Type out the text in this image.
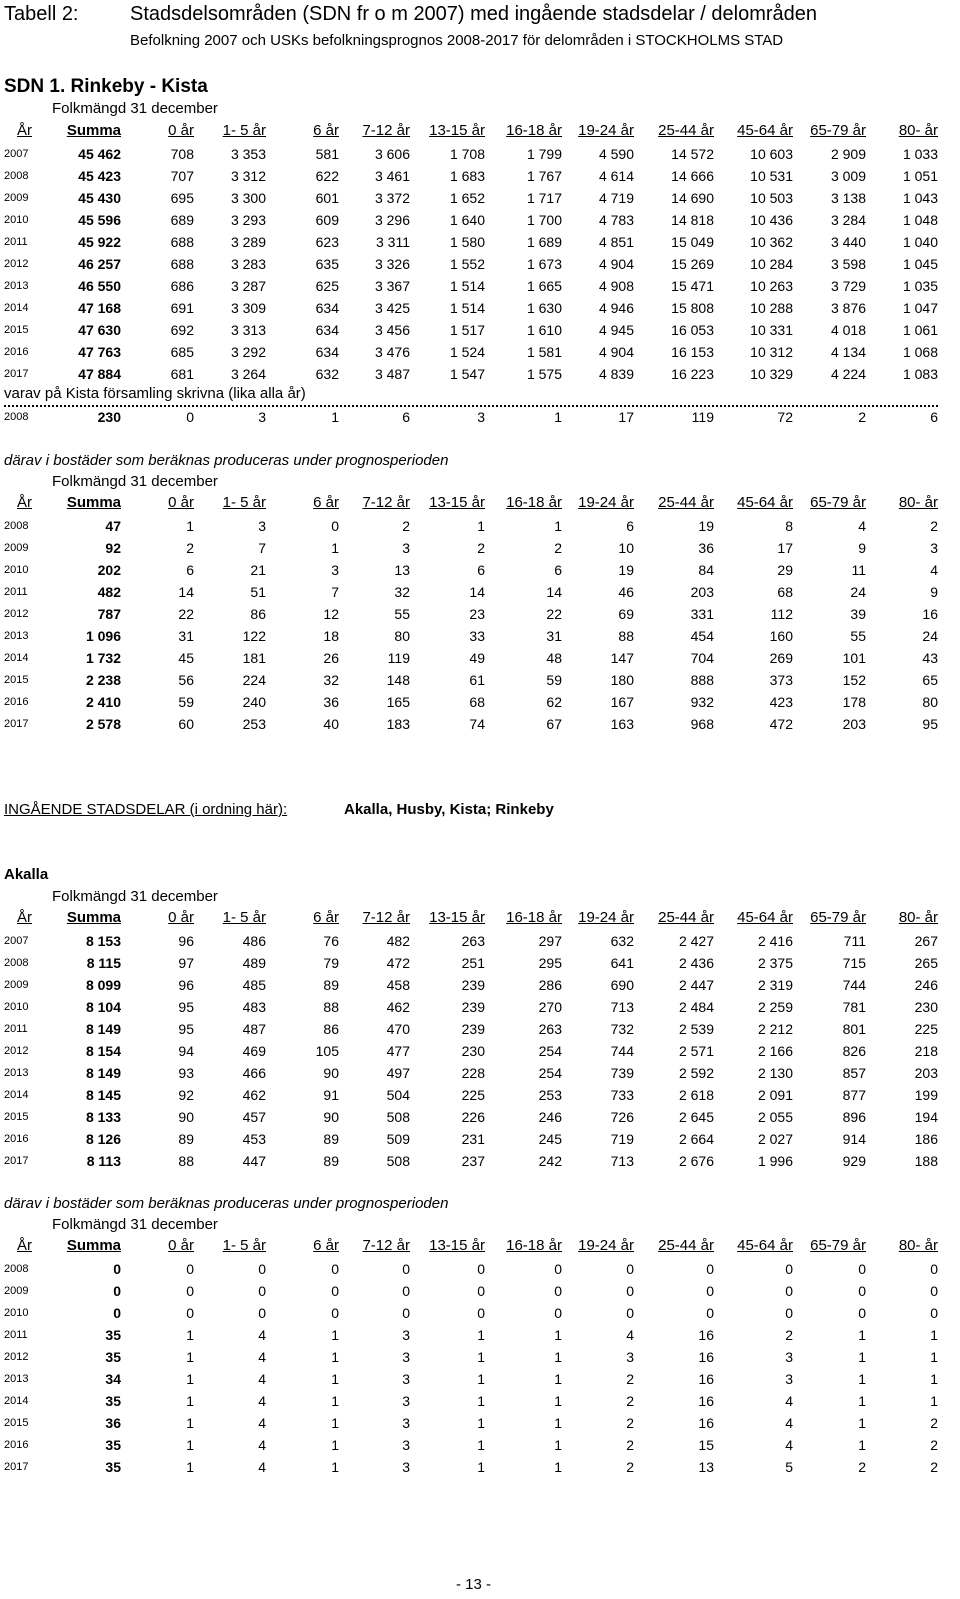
Tabell 2:	Stadsdelsområden (SDN fr o m 2007) med ingående stadsdelar / delområden
Befolkning 2007 och USKs befolkningsprognos 2008-2017 för delområden i STOCKHOLMS STAD
SDN 1. Rinkeby - Kista
Folkmängd 31 december
År Summa	0 år 1- 5 år	6 år 7-12 år 13-15 år 16-18 år 19-24 år 25-44 år 45-64 år 65-79 år 80- år
2007	45 462	708	3 353	581	3 606	1 708	1 799	4 590	14 572	10 603	2 909	1 033
2008	45 423	707	3 312	622	3 461	1 683	1 767	4 614	14 666	10 531	3 009	1 051
2009	45 430	695	3 300	601	3 372	1 652	1 717	4 719	14 690	10 503	3 138	1 043
2010	45 596	689	3 293	609	3 296	1 640	1 700	4 783	14 818	10 436	3 284	1 048
2011	45 922	688	3 289	623	3 311	1 580	1 689	4 851	15 049	10 362	3 440	1 040
2012	46 257	688	3 283	635	3 326	1 552	1 673	4 904	15 269	10 284	3 598	1 045
2013	46 550	686	3 287	625	3 367	1 514	1 665	4 908	15 471	10 263	3 729	1 035
2014	47 168	691	3 309	634	3 425	1 514	1 630	4 946	15 808	10 288	3 876	1 047
2015	47 630	692	3 313	634	3 456	1 517	1 610	4 945	16 053	10 331	4 018	1 061
2016	47 763	685	3 292	634	3 476	1 524	1 581	4 904	16 153	10 312	4 134	1 068
2017	47 884	681	3 264	632	3 487	1 547	1 575	4 839	16 223	10 329	4 224	1 083
varav på Kista församling skrivna (lika alla år)
2008	230	0	3	1	6	3	1	17	119	72	2	6
därav i bostäder som beräknas produceras under prognosperioden
Folkmängd 31 december
År Summa	0 år 1- 5 år	6 år 7-12 år 13-15 år 16-18 år 19-24 år 25-44 år 45-64 år 65-79 år 80- år
2008	47	1	3	0	2	1	1	6	19	8	4	2
2009	92	2	7	1	3	2	2	10	36	17	9	3
2010	202	6	21	3	13	6	6	19	84	29	11	4
2011	482	14	51	7	32	14	14	46	203	68	24	9
2012	787	22	86	12	55	23	22	69	331	112	39	16
2013	1 096	31	122	18	80	33	31	88	454	160	55	24
2014	1 732	45	181	26	119	49	48	147	704	269	101	43
2015	2 238	56	224	32	148	61	59	180	888	373	152	65
2016	2 410	59	240	36	165	68	62	167	932	423	178	80
2017	2 578	60	253	40	183	74	67	163	968	472	203	95
INGÅENDE STADSDELAR (i ordning här):	Akalla, Husby, Kista; Rinkeby
Akalla
Folkmängd 31 december
År Summa	0 år 1- 5 år	6 år 7-12 år 13-15 år 16-18 år 19-24 år 25-44 år 45-64 år 65-79 år 80- år
2007	8 153	96	486	76	482	263	297	632	2 427	2 416	711	267
2008	8 115	97	489	79	472	251	295	641	2 436	2 375	715	265
2009	8 099	96	485	89	458	239	286	690	2 447	2 319	744	246
2010	8 104	95	483	88	462	239	270	713	2 484	2 259	781	230
2011	8 149	95	487	86	470	239	263	732	2 539	2 212	801	225
2012	8 154	94	469	105	477	230	254	744	2 571	2 166	826	218
2013	8 149	93	466	90	497	228	254	739	2 592	2 130	857	203
2014	8 145	92	462	91	504	225	253	733	2 618	2 091	877	199
2015	8 133	90	457	90	508	226	246	726	2 645	2 055	896	194
2016	8 126	89	453	89	509	231	245	719	2 664	2 027	914	186
2017	8 113	88	447	89	508	237	242	713	2 676	1 996	929	188
därav i bostäder som beräknas produceras under prognosperioden
Folkmängd 31 december
År Summa	0 år 1- 5 år	6 år 7-12 år 13-15 år 16-18 år 19-24 år 25-44 år 45-64 år 65-79 år 80- år
2008	0	0	0	0	0	0	0	0	0	0	0	0
2009	0	0	0	0	0	0	0	0	0	0	0	0
2010	0	0	0	0	0	0	0	0	0	0	0	0
2011	35	1	4	1	3	1	1	4	16	2	1	1
2012	35	1	4	1	3	1	1	3	16	3	1	1
2013	34	1	4	1	3	1	1	2	16	3	1	1
2014	35	1	4	1	3	1	1	2	16	4	1	1
2015	36	1	4	1	3	1	1	2	16	4	1	2
2016	35	1	4	1	3	1	1	2	15	4	1	2
2017	35	1	4	1	3	1	1	2	13	5	2	2
- 13 -
